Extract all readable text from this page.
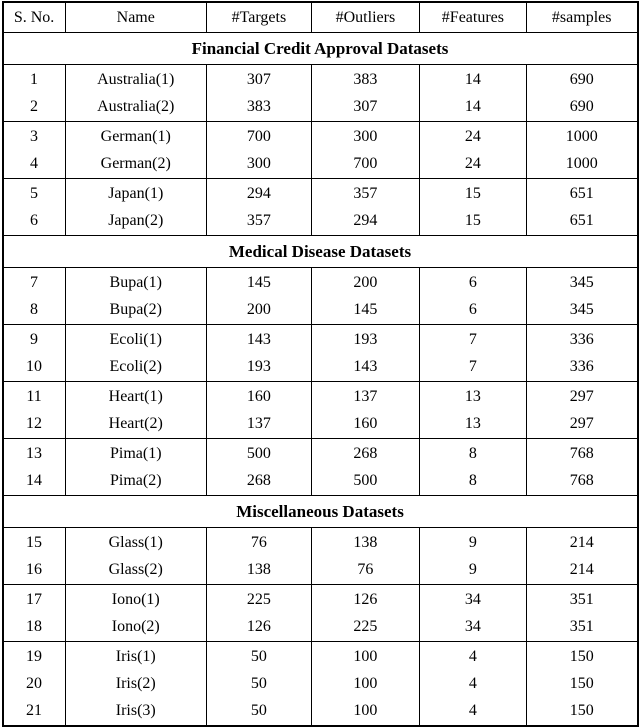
S. No.	Name	#Targets	#Outliers	#Features	#samples
Financial Credit Approval Datasets					
1	Australia(1)	307	383	14	690
2	Australia(2)	383	307	14	690
3	German(1)	700	300	24	1000
4	German(2)	300	700	24	1000
5	Japan(1)	294	357	15	651
6	Japan(2)	357	294	15	651
Medical Disease Datasets					
7	Bupa(1)	145	200	6	345
8	Bupa(2)	200	145	6	345
9	Ecoli(1)	143	193	7	336
10	Ecoli(2)	193	143	7	336
11	Heart(1)	160	137	13	297
12	Heart(2)	137	160	13	297
13	Pima(1)	500	268	8	768
14	Pima(2)	268	500	8	768
Miscellaneous Datasets					
15	Glass(1)	76	138	9	214
16	Glass(2)	138	76	9	214
17	Iono(1)	225	126	34	351
18	Iono(2)	126	225	34	351
19	Iris(1)	50	100	4	150
20	Iris(2)	50	100	4	150
21	Iris(3)	50	100	4	150
